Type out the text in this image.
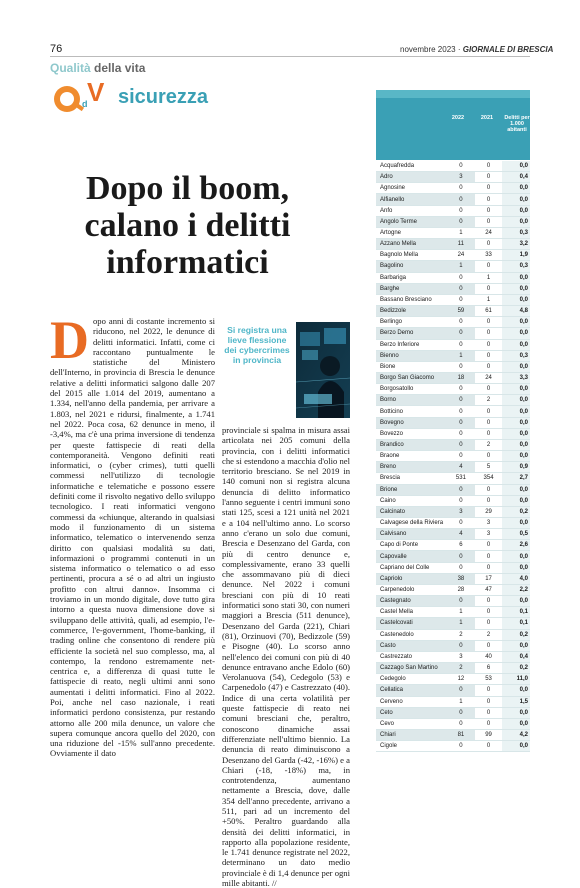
76	novembre 2023 · GIORNALE DI BRESCIA
Qualità della vita
d V sicurezza
Dopo il boom, calano i delitti informatici
Dopo anni di costante incremento si riducono, nel 2022, le denunce di delitti informatici. Infatti, come ci raccontano puntualmente le statistiche del Ministero dell'Interno, in provincia di Brescia le denunce relative a delitti informatici salgono dalle 207 del 2015 alle 1.014 del 2019, aumentano a 1.334, nell'anno della pandemia, per arrivare a 1.803, nel 2021 e ridursi, finalmente, a 1.741 nel 2022. Poca cosa, 62 denunce in meno, il -3,4%, ma c'è una prima inversione di tendenza per queste fattispecie di reati della contemporaneità. Vengono definiti reati informatici, o (cyber crimes), tutti quelli commessi nell'utilizzo di tecnologie informatiche e telematiche e possono essere definiti come il risvolto negativo dello sviluppo tecnologico. I reati informatici vengono commessi da «chiunque, alterando in qualsiasi modo il funzionamento di un sistema informatico, telematico o intervenendo senza diritto con qualsiasi modalità su dati, informazioni o programmi contenuti in un sistema informatico o telematico o ad esso pertinenti, procura a sé o ad altri un ingiusto profitto con altrui danno». Insomma ci troviamo in un mondo digitale, dove tutto gira intorno a questa nuova dimensione dove si sviluppano delle attività, quali, ad esempio, l'e-commerce, l'e-government, l'home-banking, il trading online che consentono di rendere più efficiente la società nel suo complesso, ma, al contempo, la rendono estremamente net-centrica e, a differenza di quasi tutte le fattispecie di reato, negli ultimi anni sono aumentati i delitti informatici. Fino al 2022. Poi, anche nel caso nazionale, i reati informatici perdono consistenza, pur restando attorno alle 200 mila denunce, un valore che supera comunque ancora quello del 2020, con una riduzione del -15% sull'anno precedente. Ovviamente il dato
Si registra una lieve flessione dei cybercrimes in provincia
provinciale si spalma in misura assai articolata nei 205 comuni della provincia, con i delitti informatici che si estendono a macchia d'olio nel territorio bresciano. Se nel 2019 in 140 comuni non si registra alcuna denuncia di delitto informatico l'anno seguente i centri immuni sono stati 125, scesi a 121 unità nel 2021 e a 104 nell'ultimo anno. Lo scorso anno c'erano un solo due comuni, Brescia e Desenzano del Garda, con più di centro denunce e, complessivamente, erano 33 quelli che assommavano più di dieci denunce. Nel 2022 i comuni bresciani con più di 10 reati informatici sono stati 30, con numeri maggiori a Brescia (511 denunce), Desenzano del Garda (221), Chiari (81), Orzinuovi (70), Bedizzole (59) e Pisogne (40). Lo scorso anno nell'elenco dei comuni con più di 40 denunce entravano anche Edolo (60) Verolanuova (54), Cedegolo (53) e Carpenedolo (47) e Castrezzato (40). Indice di una certa volatilità per queste fattispecie di reato nei comuni bresciani che, peraltro, conoscono dinamiche assai differenziate nell'ultimo biennio. La denuncia di reato diminuiscono a Desenzano del Garda (-42, -16%) e a Chiari (-18, -18%) ma, in controtendenza, aumentano nettamente a Brescia, dove, dalle 354 dell'anno precedente, arrivano a 511, pari ad un incremento del +50%. Peraltro guardando alla densità dei delitti informatici, in rapporto alla popolazione residente, le 1.741 denunce registrate nel 2022, determinano un dato medio provinciale è di 1,4 denunce per ogni mille abitanti. //
2022	2021	Delitti per 1.000 abitanti
Acquafredda	0	0	0,0
Adro	3	0	0,4
Agnosine	0	0	0,0
Alfianello	0	0	0,0
Anfo	0	0	0,0
Angolo Terme	0	0	0,0
Artogne	1	24	0,3
Azzano Mella	11	0	3,2
Bagnolo Mella	24	33	1,9
Bagolino	1	0	0,3
Barbariga	0	1	0,0
Barghe	0	0	0,0
Bassano Bresciano	0	1	0,0
Bedizzole	59	61	4,8
Berlingo	0	0	0,0
Berzo Demo	0	0	0,0
Berzo Inferiore	0	0	0,0
Bienno	1	0	0,3
Bione	0	0	0,0
Borgo San Giacomo	18	24	3,3
Borgosatollo	0	0	0,0
Borno	0	2	0,0
Botticino	0	0	0,0
Bovegno	0	0	0,0
Bovezzo	0	0	0,0
Brandico	0	2	0,0
Braone	0	0	0,0
Breno	4	5	0,9
Brescia	531	354	2,7
Brione	0	0	0,0
Caino	0	0	0,0
Calcinato	3	29	0,2
Calvagese della Riviera	0	3	0,0
Calvisano	4	3	0,5
Capo di Ponte	6	0	2,6
Capovalle	0	0	0,0
Capriano del Colle	0	0	0,0
Capriolo	38	17	4,0
Carpenedolo	28	47	2,2
Castegnato	0	0	0,0
Castel Mella	1	0	0,1
Castelcovati	1	0	0,1
Castenedolo	2	2	0,2
Casto	0	0	0,0
Castrezzato	3	40	0,4
Cazzago San Martino	2	6	0,2
Cedegolo	12	53	11,0
Cellatica	0	0	0,0
Cerveno	1	0	1,5
Ceto	0	0	0,0
Cevo	0	0	0,0
Chiari	81	99	4,2
Cigole	0	0	0,0
